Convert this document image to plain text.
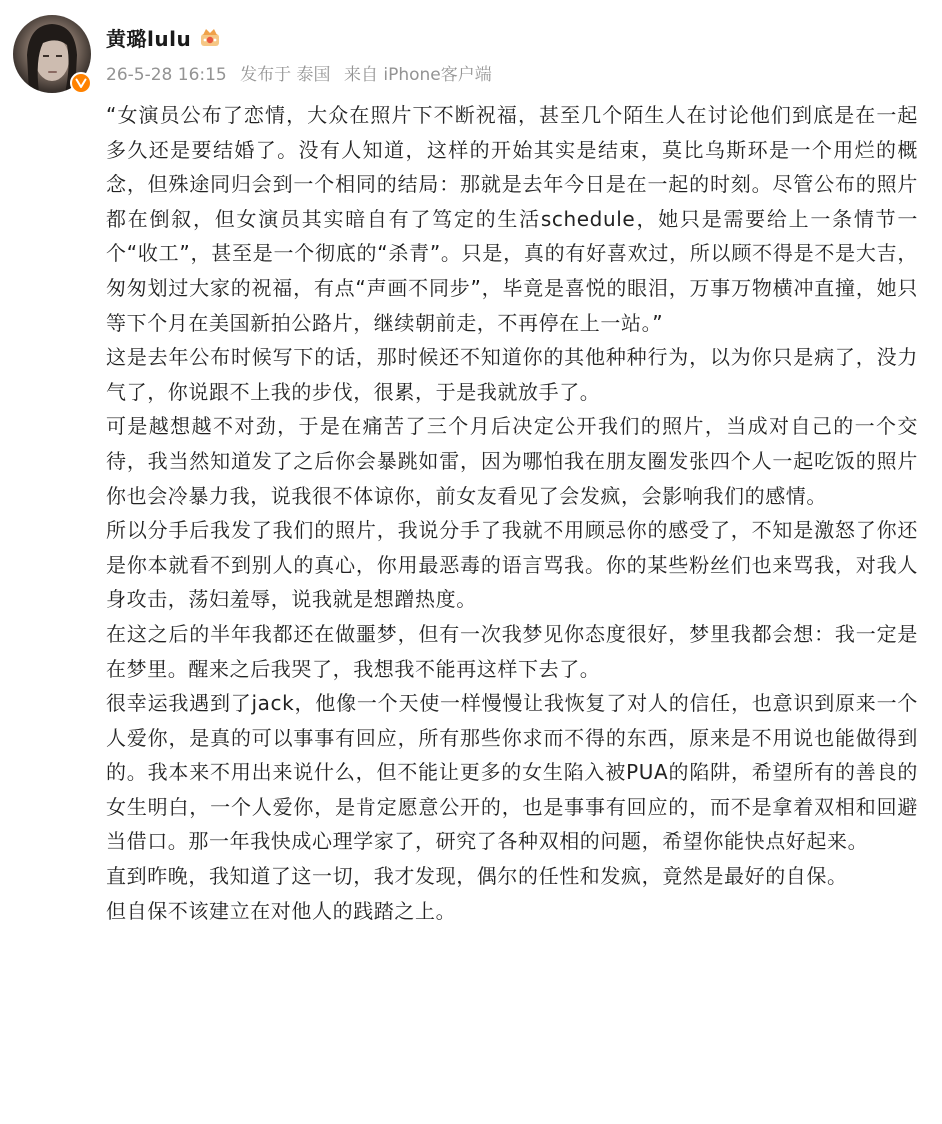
黄璐lulu
26-5-28 16:15 发布于 泰国 来自 iPhone客户端

“女演员公布了恋情，大众在照片下不断祝福，甚至几个陌生人在讨论他们到底是在一起多久还是要结婚了。没有人知道，这样的开始其实是结束，莫比乌斯环是一个用烂的概念，但殊途同归会到一个相同的结局：那就是去年今日是在一起的时刻。尽管公布的照片都在倒叙，但女演员其实暗自有了笃定的生活schedule，她只是需要给上一条情节一个“收工”，甚至是一个彻底的“杀青”。只是，真的有好喜欢过，所以顾不得是不是大吉，匆匆划过大家的祝福，有点“声画不同步”，毕竟是喜悦的眼泪，万事万物横冲直撞，她只等下个月在美国新拍公路片，继续朝前走，不再停在上一站。”

这是去年公布时候写下的话，那时候还不知道你的其他种种行为，以为你只是病了，没力气了，你说跟不上我的步伐，很累，于是我就放手了。

可是越想越不对劲，于是在痛苦了三个月后决定公开我们的照片，当成对自己的一个交待，我当然知道发了之后你会暴跳如雷，因为哪怕我在朋友圈发张四个人一起吃饭的照片你也会冷暴力我，说我很不体谅你，前女友看见了会发疯，会影响我们的感情。

所以分手后我发了我们的照片，我说分手了我就不用顾忌你的感受了，不知是激怒了你还是你本就看不到别人的真心，你用最恶毒的语言骂我。你的某些粉丝们也来骂我，对我人身攻击，荡妇羞辱，说我就是想蹭热度。

在这之后的半年我都还在做噩梦，但有一次我梦见你态度很好，梦里我都会想：我一定是在梦里。醒来之后我哭了，我想我不能再这样下去了。

很幸运我遇到了jack，他像一个天使一样慢慢让我恢复了对人的信任，也意识到原来一个人爱你，是真的可以事事有回应，所有那些你求而不得的东西，原来是不用说也能做得到的。我本来不用出来说什么，但不能让更多的女生陷入被PUA的陷阱，希望所有的善良的女生明白，一个人爱你，是肯定愿意公开的，也是事事有回应的，而不是拿着双相和回避当借口。那一年我快成心理学家了，研究了各种双相的问题，希望你能快点好起来。

直到昨晚，我知道了这一切，我才发现，偶尔的任性和发疯，竟然是最好的自保。

但自保不该建立在对他人的践踏之上。
